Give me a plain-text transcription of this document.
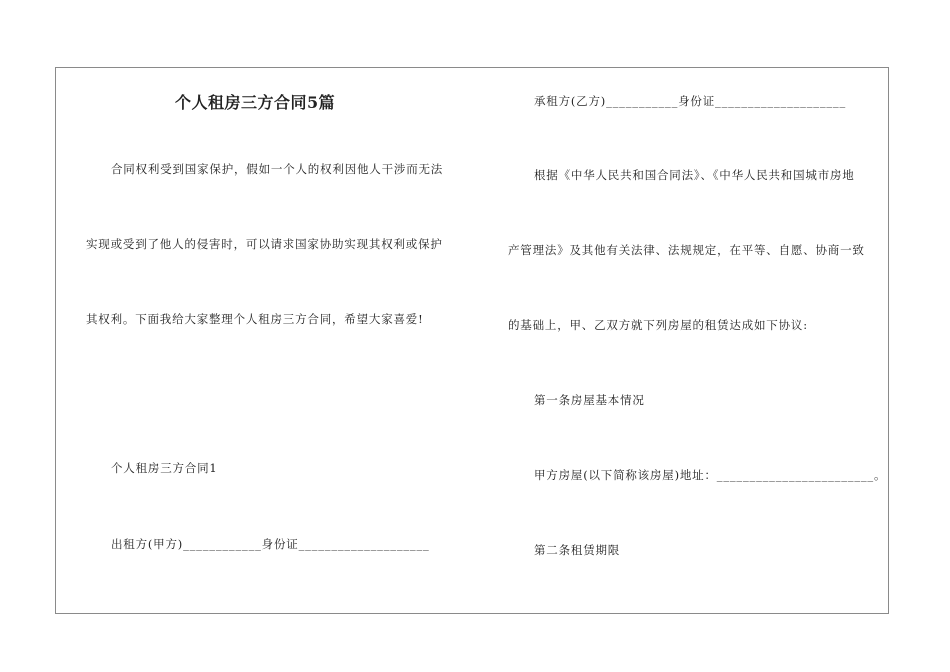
个人租房三方合同5篇
合同权利受到国家保护，假如一个人的权利因他人干涉而无法
实现或受到了他人的侵害时，可以请求国家协助实现其权利或保护
其权利。下面我给大家整理个人租房三方合同，希望大家喜爱!
个人租房三方合同1
出租方(甲方)____________身份证____________________
承租方(乙方)___________身份证____________________
根据《中华人民共和国合同法》、《中华人民共和国城市房地
产管理法》及其他有关法律、法规规定，在平等、自愿、协商一致
的基础上，甲、乙双方就下列房屋的租赁达成如下协议:
第一条房屋基本情况
甲方房屋(以下简称该房屋)地址：________________________。
第二条租赁期限
